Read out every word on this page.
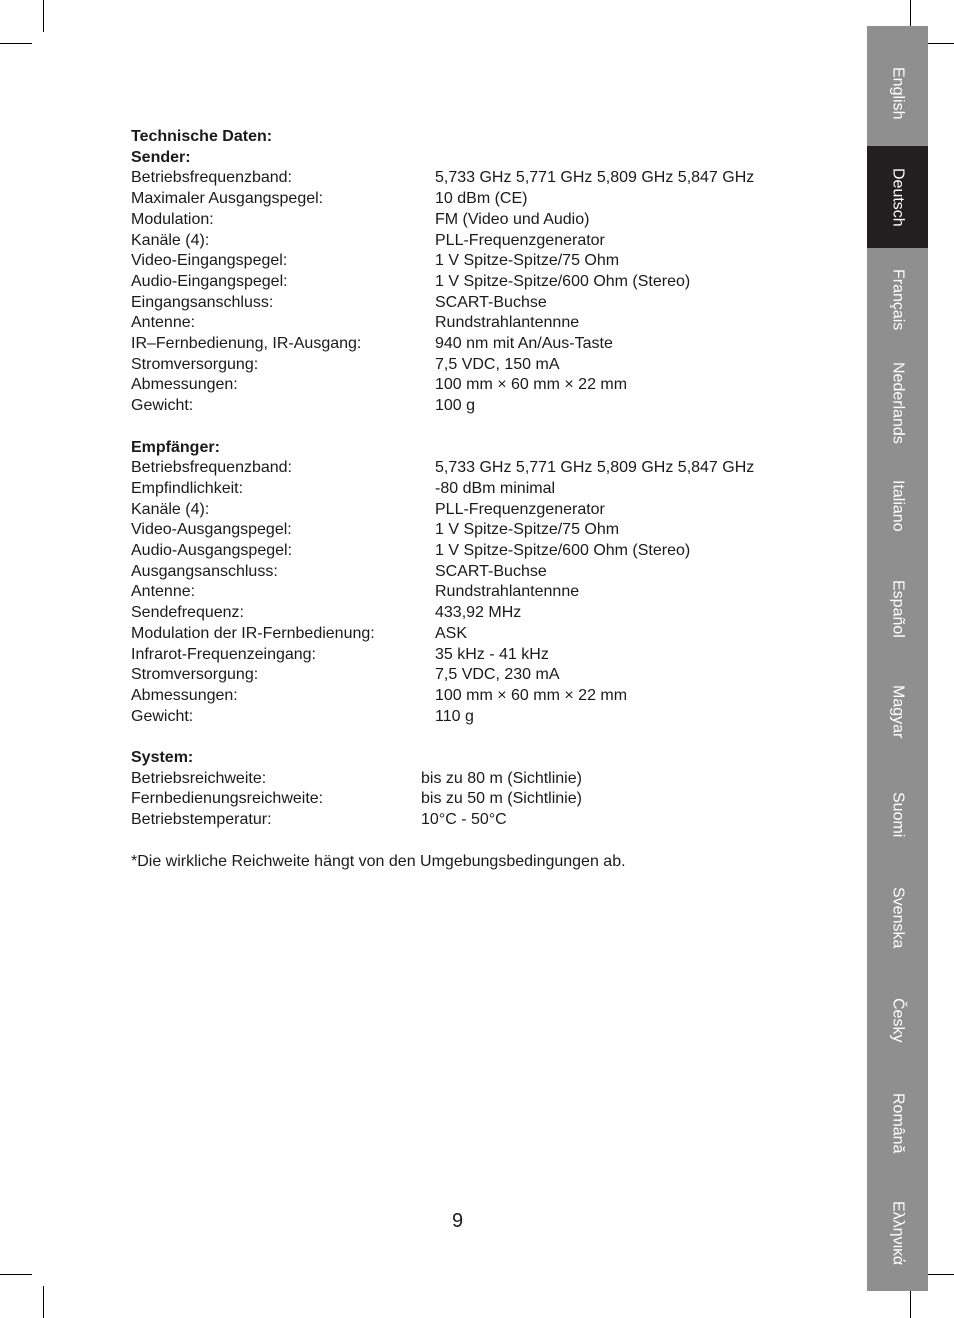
Technische Daten:
Sender:
Betriebsfrequenzband:	5,733 GHz 5,771 GHz 5,809 GHz 5,847 GHz
Maximaler Ausgangspegel:	10 dBm (CE)
Modulation:	FM (Video und Audio)
Kanäle (4):	PLL-Frequenzgenerator
Video-Eingangspegel:	1 V Spitze-Spitze/75 Ohm
Audio-Eingangspegel:	1 V Spitze-Spitze/600 Ohm (Stereo)
Eingangsanschluss:	SCART-Buchse
Antenne:	Rundstrahlantennne
IR–Fernbedienung, IR-Ausgang:	940 nm mit An/Aus-Taste
Stromversorgung:	7,5 VDC, 150 mA
Abmessungen:	100 mm × 60 mm × 22 mm
Gewicht:	100 g
Empfänger:
Betriebsfrequenzband:	5,733 GHz 5,771 GHz 5,809 GHz 5,847 GHz
Empfindlichkeit:	-80 dBm minimal
Kanäle (4):	PLL-Frequenzgenerator
Video-Ausgangspegel:	1 V Spitze-Spitze/75 Ohm
Audio-Ausgangspegel:	1 V Spitze-Spitze/600 Ohm (Stereo)
Ausgangsanschluss:	SCART-Buchse
Antenne:	Rundstrahlantennne
Sendefrequenz:	433,92 MHz
Modulation der IR-Fernbedienung:	ASK
Infrarot-Frequenzeingang:	35 kHz - 41 kHz
Stromversorgung:	7,5 VDC, 230 mA
Abmessungen:	100 mm × 60 mm × 22 mm
Gewicht:	110 g
System:
Betriebsreichweite:	bis zu 80 m (Sichtlinie)
Fernbedienungsreichweite:	bis zu 50 m (Sichtlinie)
Betriebstemperatur:	10°C - 50°C
*Die wirkliche Reichweite hängt von den Umgebungsbedingungen ab.
9
English
Deutsch
Français
Nederlands
Italiano
Español
Magyar
Suomi
Svenska
Česky
Română
Ελληνικά
